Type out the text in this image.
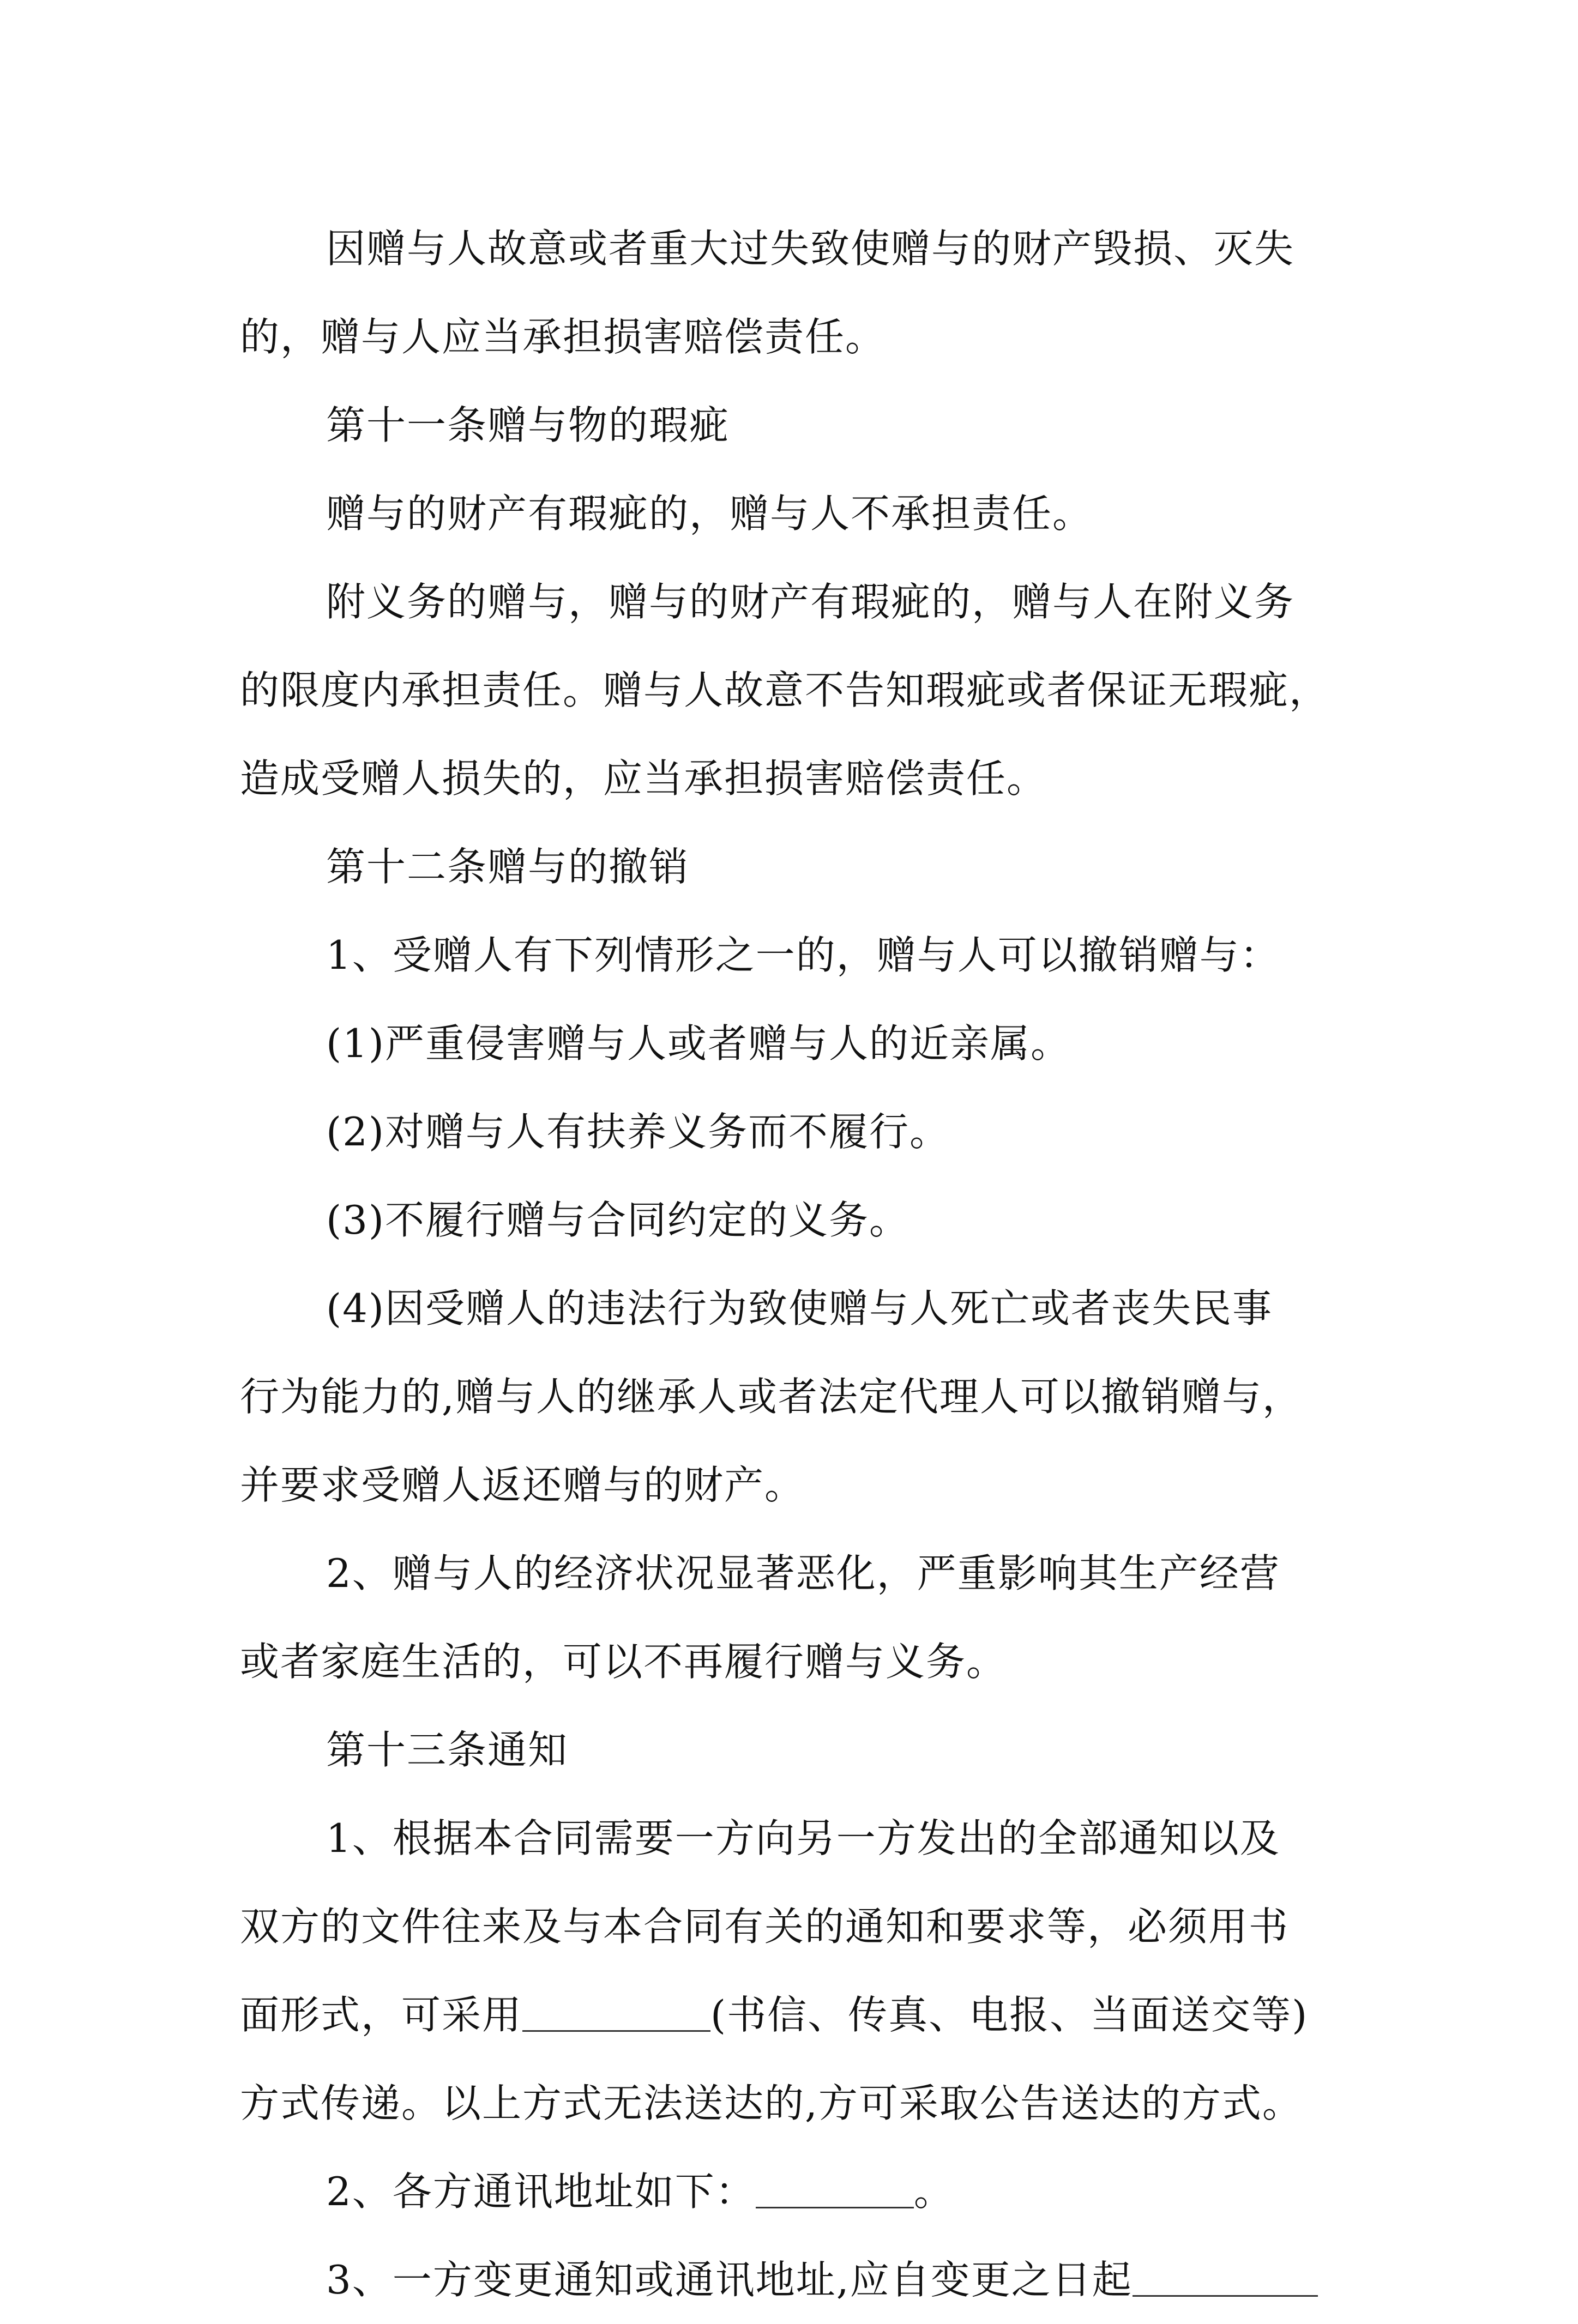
因赠与人故意或者重大过失致使赠与的财产毁损、灭失
的，赠与人应当承担损害赔偿责任。
第十一条赠与物的瑕疵
赠与的财产有瑕疵的，赠与人不承担责任。
附义务的赠与，赠与的财产有瑕疵的，赠与人在附义务
的限度内承担责任。赠与人故意不告知瑕疵或者保证无瑕疵，
造成受赠人损失的，应当承担损害赔偿责任。
第十二条赠与的撤销
1、受赠人有下列情形之一的，赠与人可以撤销赠与：
(1)严重侵害赠与人或者赠与人的近亲属。
(2)对赠与人有扶养义务而不履行。
(3)不履行赠与合同约定的义务。
(4)因受赠人的违法行为致使赠与人死亡或者丧失民事
行为能力的,赠与人的继承人或者法定代理人可以撤销赠与，
并要求受赠人返还赠与的财产。
2、赠与人的经济状况显著恶化，严重影响其生产经营
或者家庭生活的，可以不再履行赠与义务。
第十三条通知
1、根据本合同需要一方向另一方发出的全部通知以及
双方的文件往来及与本合同有关的通知和要求等，必须用书
面形式，可采用	(书信、传真、电报、当面送交等)
方式传递。以上方式无法送达的,方可采取公告送达的方式。
2、各方通讯地址如下：	。
3、一方变更通知或通讯地址,应自变更之日起
